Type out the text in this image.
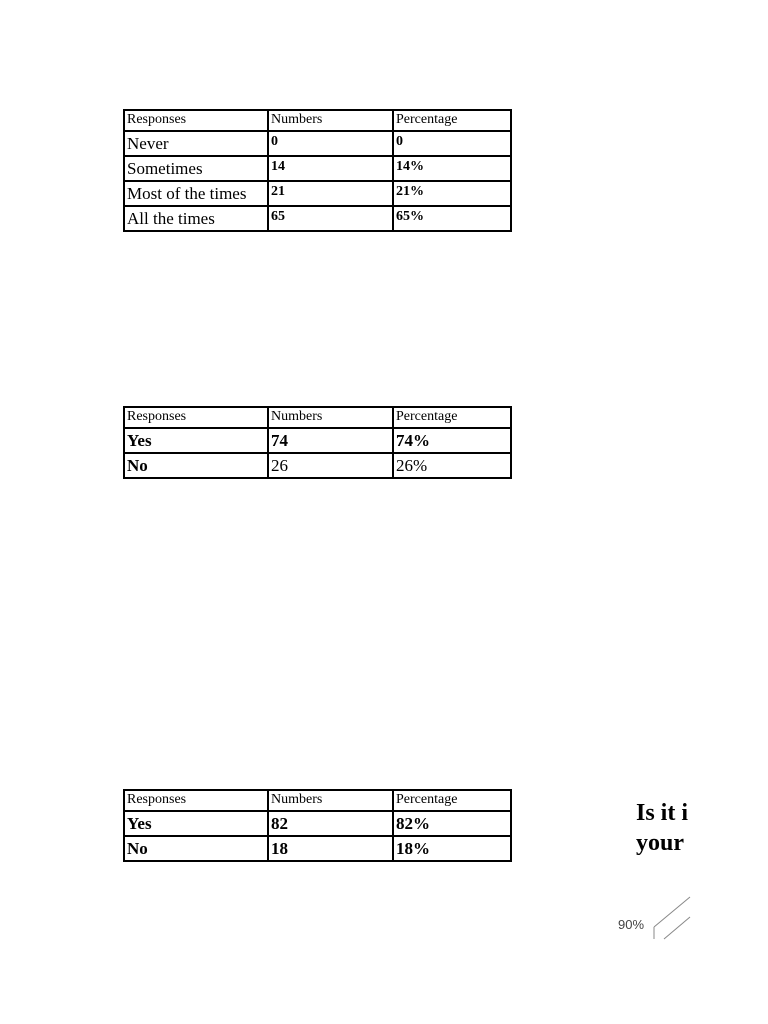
Responses	Numbers	Percentage
Never	0	0
Sometimes	14	14%
Most of the times	21	21%
All the times	65	65%
Responses	Numbers	Percentage
Yes	74	74%
No	26	26%
Responses	Numbers	Percentage
Yes	82	82%
No	18	18%
Is it i
your
90%
